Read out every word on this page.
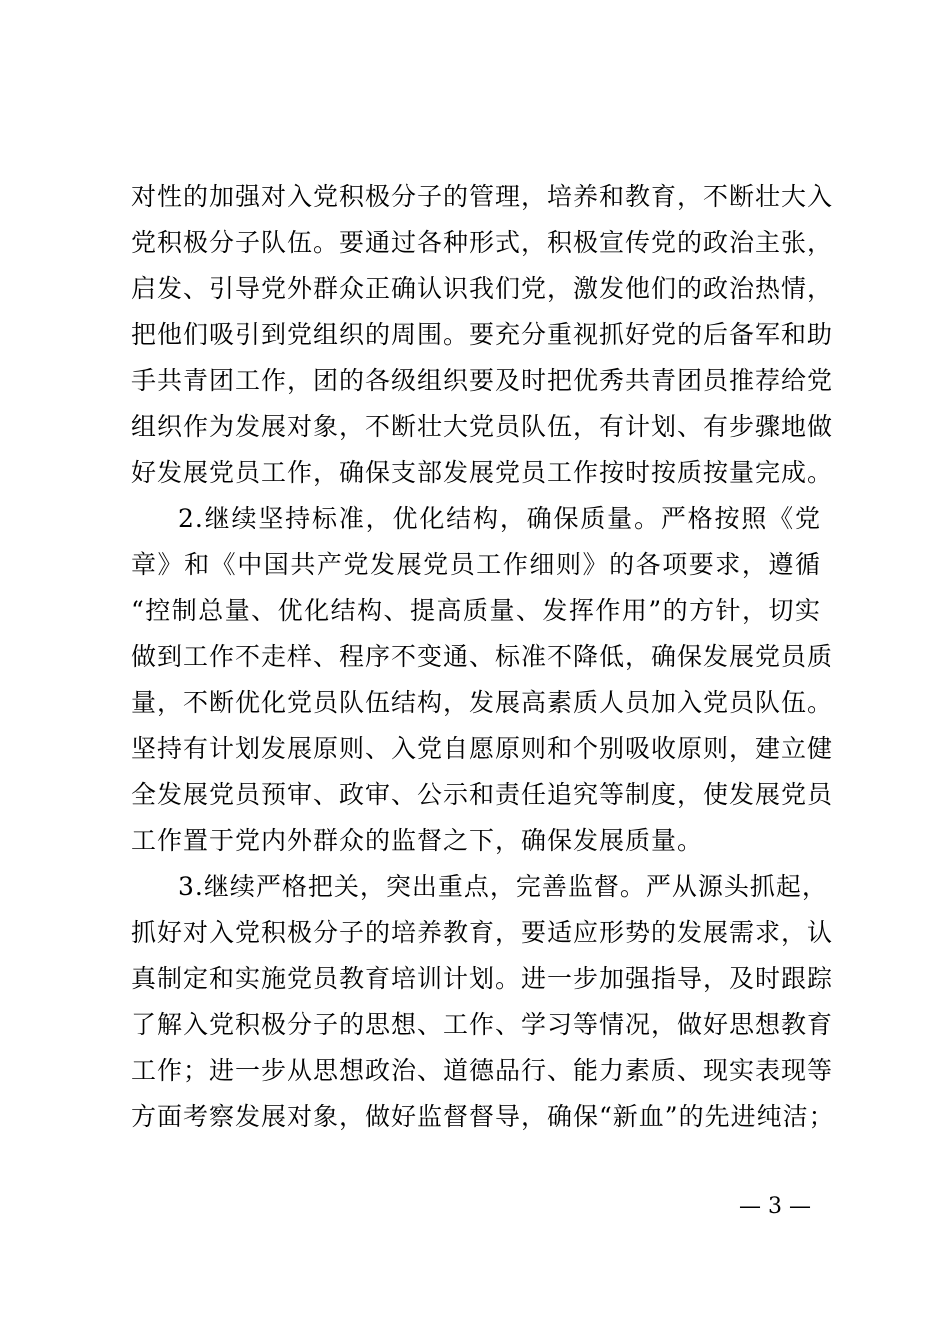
对性的加强对入党积极分子的管理，培养和教育，不断壮大入
党积极分子队伍。要通过各种形式，积极宣传党的政治主张，
启发、引导党外群众正确认识我们党，激发他们的政治热情，
把他们吸引到党组织的周围。要充分重视抓好党的后备军和助
手共青团工作，团的各级组织要及时把优秀共青团员推荐给党
组织作为发展对象，不断壮大党员队伍，有计划、有步骤地做
好发展党员工作，确保支部发展党员工作按时按质按量完成。
2.继续坚持标准，优化结构，确保质量。严格按照《党
章》和《中国共产党发展党员工作细则》的各项要求，遵循
“控制总量、优化结构、提高质量、发挥作用”的方针，切实
做到工作不走样、程序不变通、标准不降低，确保发展党员质
量，不断优化党员队伍结构，发展高素质人员加入党员队伍。
坚持有计划发展原则、入党自愿原则和个别吸收原则，建立健
全发展党员预审、政审、公示和责任追究等制度，使发展党员
工作置于党内外群众的监督之下，确保发展质量。
3.继续严格把关，突出重点，完善监督。严从源头抓起，
抓好对入党积极分子的培养教育，要适应形势的发展需求，认
真制定和实施党员教育培训计划。进一步加强指导，及时跟踪
了解入党积极分子的思想、工作、学习等情况，做好思想教育
工作；进一步从思想政治、道德品行、能力素质、现实表现等
方面考察发展对象，做好监督督导，确保“新血”的先进纯洁；
— 3 —
